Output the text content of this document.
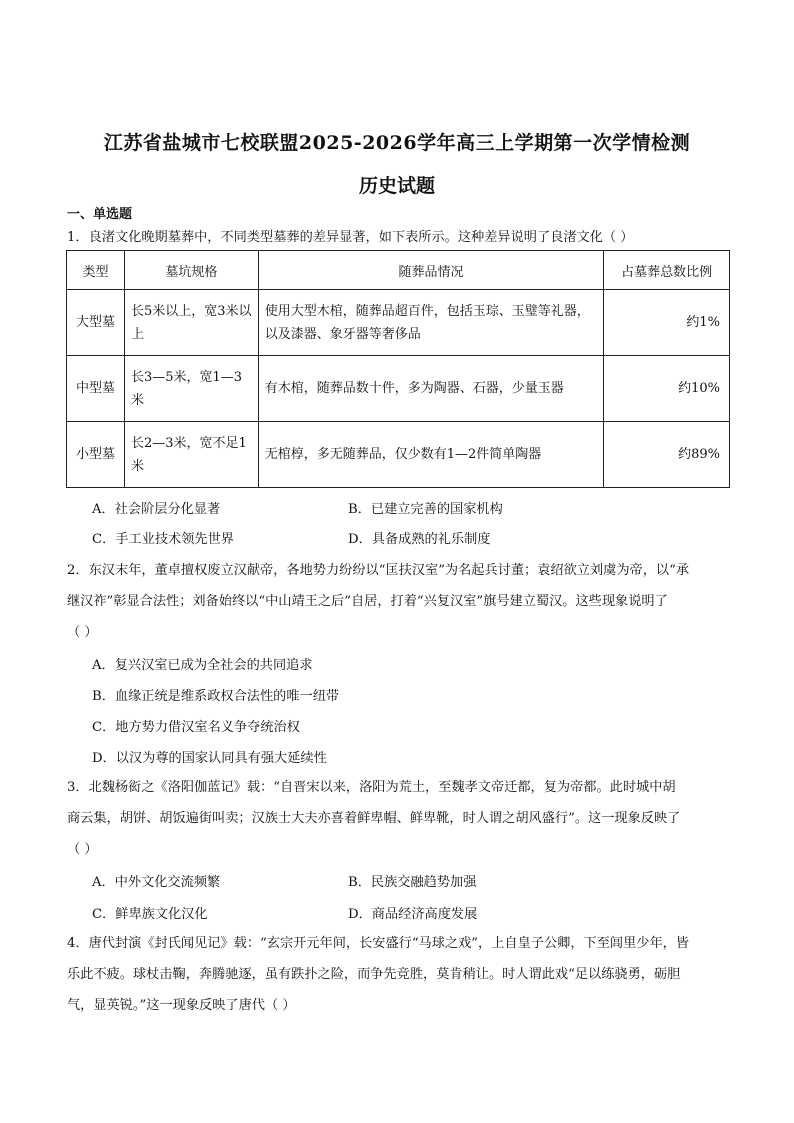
江苏省盐城市七校联盟2025-2026学年高三上学期第一次学情检测
历史试题
一、单选题
1．良渚文化晚期墓葬中，不同类型墓葬的差异显著，如下表所示。这种差异说明了良渚文化（ ）
类型	墓坑规格	随葬品情况	占墓葬总数比例
大型墓	长5米以上，宽3米以上	使用大型木棺，随葬品超百件，包括玉琮、玉璧等礼器，以及漆器、象牙器等奢侈品	约1%
中型墓	长3—5米，宽1—3米	有木棺，随葬品数十件，多为陶器、石器，少量玉器	约10%
小型墓	长2—3米，宽不足1米	无棺椁，多无随葬品，仅少数有1—2件简单陶器	约89%
A．社会阶层分化显著	B．已建立完善的国家机构
C．手工业技术领先世界	D．具备成熟的礼乐制度
2．东汉末年，董卓擅权废立汉献帝，各地势力纷纷以“匡扶汉室”为名起兵讨董；袁绍欲立刘虞为帝，以“承
继汉祚”彰显合法性；刘备始终以“中山靖王之后”自居，打着“兴复汉室”旗号建立蜀汉。这些现象说明了
（ ）
A．复兴汉室已成为全社会的共同追求
B．血缘正统是维系政权合法性的唯一纽带
C．地方势力借汉室名义争夺统治权
D．以汉为尊的国家认同具有强大延续性
3．北魏杨衒之《洛阳伽蓝记》载：“自晋宋以来，洛阳为荒土，至魏孝文帝迁都，复为帝都。此时城中胡
商云集，胡饼、胡饭遍街叫卖；汉族士大夫亦喜着鲜卑帽、鲜卑靴，时人谓之胡风盛行”。这一现象反映了
（ ）
A．中外文化交流频繁	B．民族交融趋势加强
C．鲜卑族文化汉化	D．商品经济高度发展
4．唐代封演《封氏闻见记》载：“玄宗开元年间，长安盛行“马球之戏”，上自皇子公卿，下至闾里少年，皆
乐此不疲。球杖击鞠，奔腾驰逐，虽有跌扑之险，而争先竞胜，莫肯稍让。时人谓此戏“足以练骁勇，砺胆
气，显英锐。”这一现象反映了唐代（ ）
